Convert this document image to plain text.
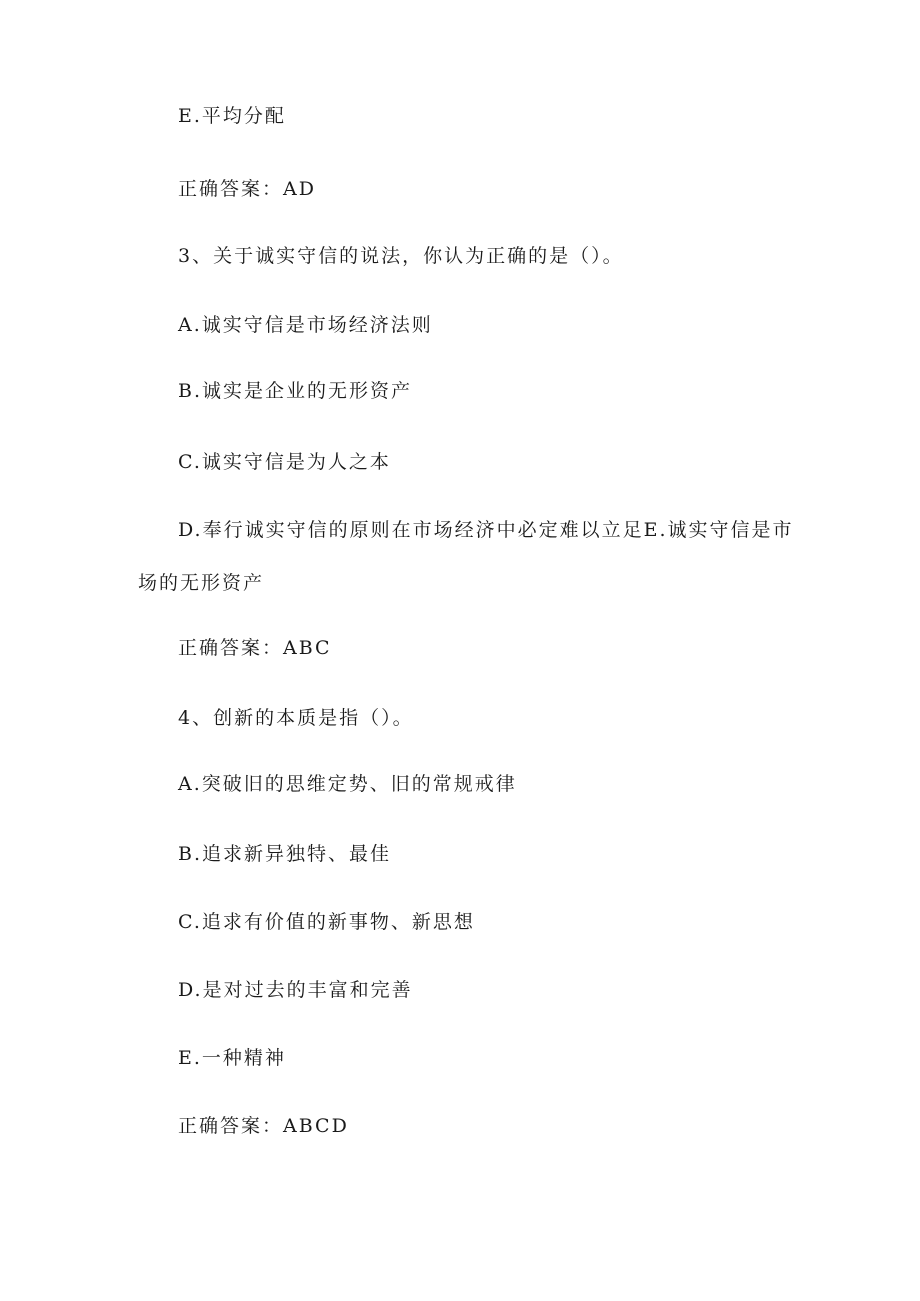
E.平均分配
正确答案：AD
3、关于诚实守信的说法，你认为正确的是（）。
A.诚实守信是市场经济法则
B.诚实是企业的无形资产
C.诚实守信是为人之本
D.奉行诚实守信的原则在市场经济中必定难以立足E.诚实守信是市
场的无形资产
正确答案：ABC
4、创新的本质是指（）。
A.突破旧的思维定势、旧的常规戒律
B.追求新异独特、最佳
C.追求有价值的新事物、新思想
D.是对过去的丰富和完善
E.一种精神
正确答案：ABCD
